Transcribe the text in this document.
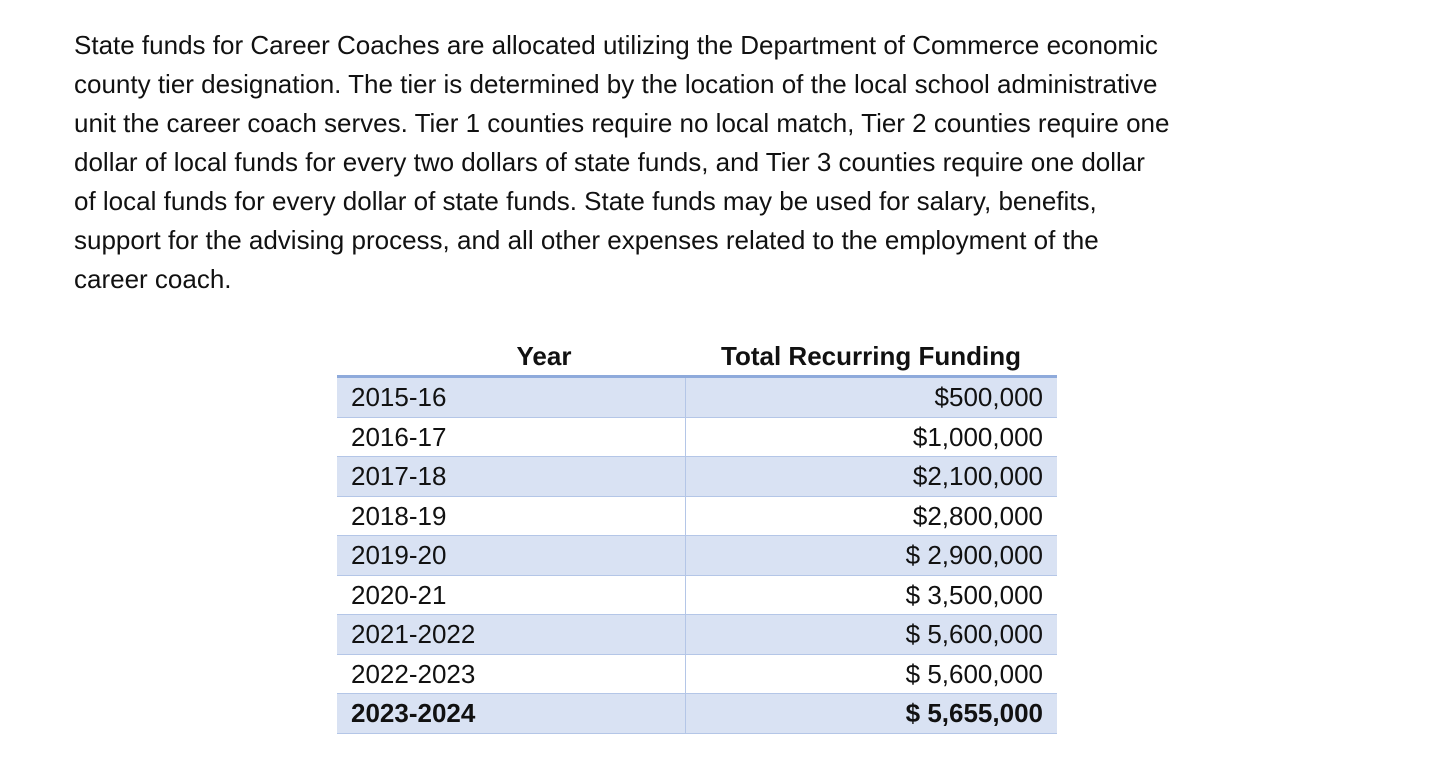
State funds for Career Coaches are allocated utilizing the Department of Commerce economic
county tier designation. The tier is determined by the location of the local school administrative
unit the career coach serves. Tier 1 counties require no local match, Tier 2 counties require one
dollar of local funds for every two dollars of state funds, and Tier 3 counties require one dollar
of local funds for every dollar of state funds. State funds may be used for salary, benefits,
support for the advising process, and all other expenses related to the employment of the
career coach.

Year	Total Recurring Funding
2015-16	$500,000
2016-17	$1,000,000
2017-18	$2,100,000
2018-19	$2,800,000
2019-20	$ 2,900,000
2020-21	$ 3,500,000
2021-2022	$ 5,600,000
2022-2023	$ 5,600,000
2023-2024	$ 5,655,000
